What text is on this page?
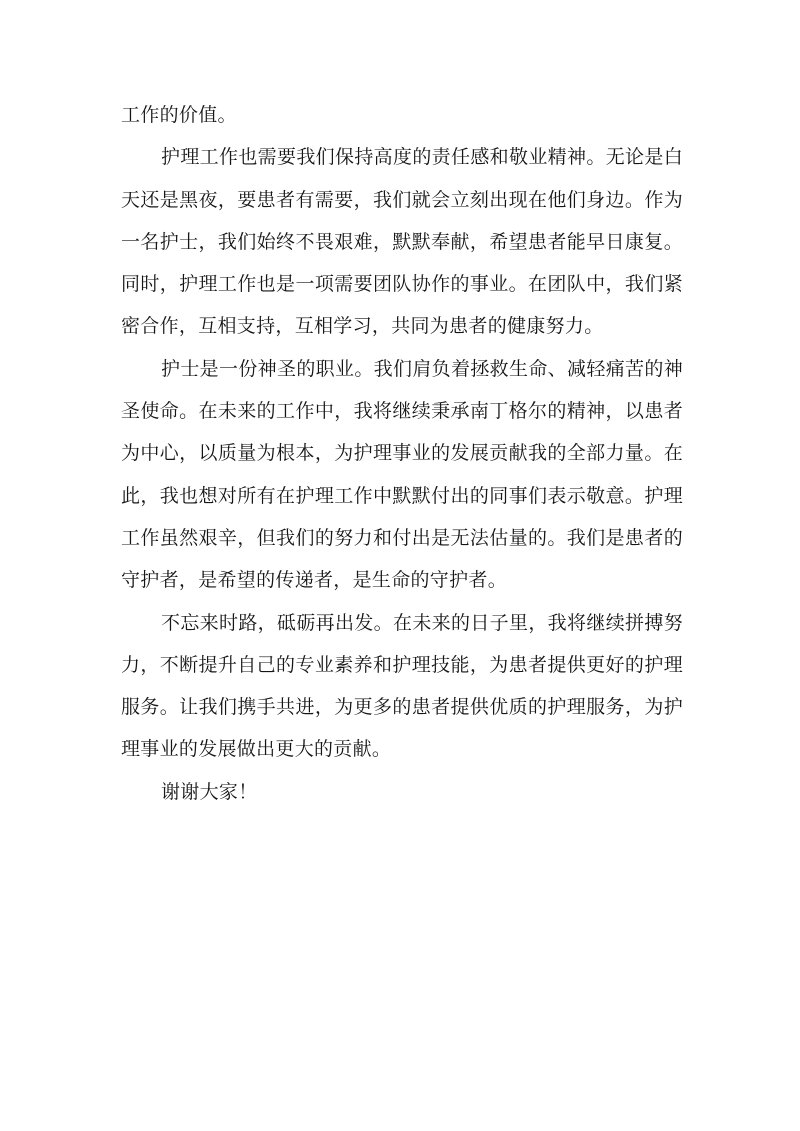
工作的价值。

护理工作也需要我们保持高度的责任感和敬业精神。无论是白天还是黑夜，要患者有需要，我们就会立刻出现在他们身边。作为一名护士，我们始终不畏艰难，默默奉献，希望患者能早日康复。同时，护理工作也是一项需要团队协作的事业。在团队中，我们紧密合作，互相支持，互相学习，共同为患者的健康努力。

护士是一份神圣的职业。我们肩负着拯救生命、减轻痛苦的神圣使命。在未来的工作中，我将继续秉承南丁格尔的精神，以患者为中心，以质量为根本，为护理事业的发展贡献我的全部力量。在此，我也想对所有在护理工作中默默付出的同事们表示敬意。护理工作虽然艰辛，但我们的努力和付出是无法估量的。我们是患者的守护者，是希望的传递者，是生命的守护者。

不忘来时路，砥砺再出发。在未来的日子里，我将继续拼搏努力，不断提升自己的专业素养和护理技能，为患者提供更好的护理服务。让我们携手共进，为更多的患者提供优质的护理服务，为护理事业的发展做出更大的贡献。

谢谢大家！
